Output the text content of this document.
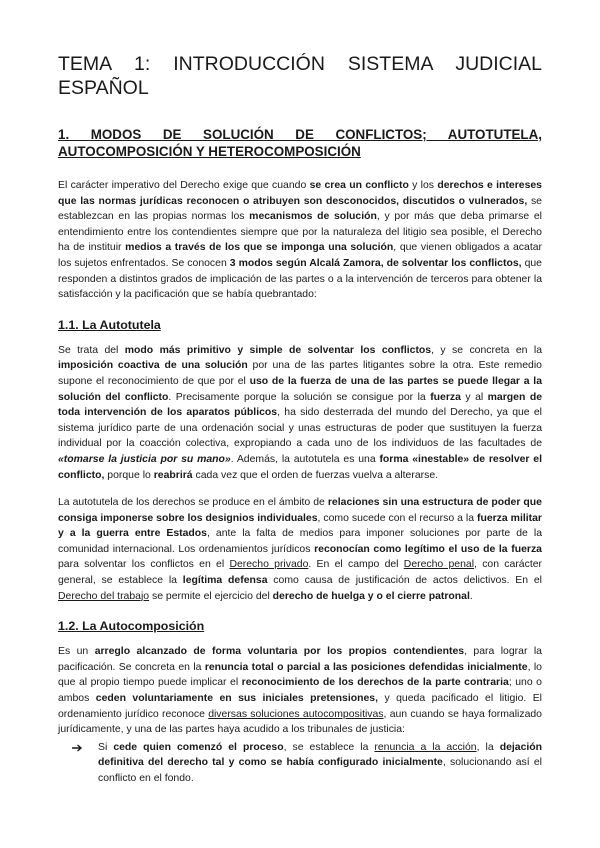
TEMA 1: INTRODUCCIÓN SISTEMA JUDICIAL
ESPAÑOL
1. MODOS DE SOLUCIÓN DE CONFLICTOS; AUTOTUTELA,
AUTOCOMPOSICIÓN Y HETEROCOMPOSICIÓN

El carácter imperativo del Derecho exige que cuando se crea un conflicto y los derechos e intereses que las normas jurídicas reconocen o atribuyen son desconocidos, discutidos o vulnerados, se establezcan en las propias normas los mecanismos de solución, y por más que deba primarse el entendimiento entre los contendientes siempre que por la naturaleza del litigio sea posible, el Derecho ha de instituir medios a través de los que se imponga una solución, que vienen obligados a acatar los sujetos enfrentados. Se conocen 3 modos según Alcalá Zamora, de solventar los conflictos, que responden a distintos grados de implicación de las partes o a la intervención de terceros para obtener la satisfacción y la pacificación que se había quebrantado:

1.1. La Autotutela

Se trata del modo más primitivo y simple de solventar los conflictos, y se concreta en la imposición coactiva de una solución por una de las partes litigantes sobre la otra. Este remedio supone el reconocimiento de que por el uso de la fuerza de una de las partes se puede llegar a la solución del conflicto. Precisamente porque la solución se consigue por la fuerza y al margen de toda intervención de los aparatos públicos, ha sido desterrada del mundo del Derecho, ya que el sistema jurídico parte de una ordenación social y unas estructuras de poder que sustituyen la fuerza individual por la coacción colectiva, expropiando a cada uno de los individuos de las facultades de «tomarse la justicia por su mano». Además, la autotutela es una forma «inestable» de resolver el conflicto, porque lo reabrirá cada vez que el orden de fuerzas vuelva a alterarse.

La autotutela de los derechos se produce en el ámbito de relaciones sin una estructura de poder que consiga imponerse sobre los designios individuales, como sucede con el recurso a la fuerza militar y a la guerra entre Estados, ante la falta de medios para imponer soluciones por parte de la comunidad internacional. Los ordenamientos jurídicos reconocían como legítimo el uso de la fuerza para solventar los conflictos en el Derecho privado. En el campo del Derecho penal, con carácter general, se establece la legítima defensa como causa de justificación de actos delictivos. En el Derecho del trabajo se permite el ejercicio del derecho de huelga y o el cierre patronal.

1.2. La Autocomposición

Es un arreglo alcanzado de forma voluntaria por los propios contendientes, para lograr la pacificación. Se concreta en la renuncia total o parcial a las posiciones defendidas inicialmente, lo que al propio tiempo puede implicar el reconocimiento de los derechos de la parte contraria; uno o ambos ceden voluntariamente en sus iniciales pretensiones, y queda pacificado el litigio. El ordenamiento jurídico reconoce diversas soluciones autocompositivas, aun cuando se haya formalizado jurídicamente, y una de las partes haya acudido a los tribunales de justicia:

Si cede quien comenzó el proceso, se establece la renuncia a la acción, la dejación definitiva del derecho tal y como se había configurado inicialmente, solucionando así el conflicto en el fondo.
